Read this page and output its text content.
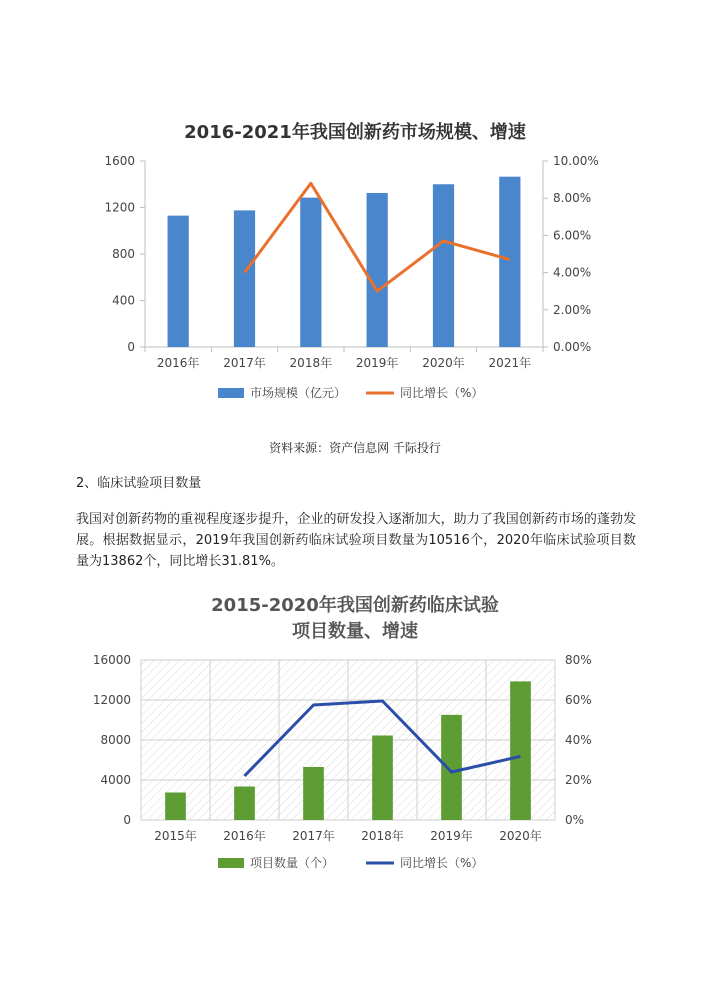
2016-2021年我国创新药市场规模、增速
0
400
800
1200
1600
0.00%
2.00%
4.00%
6.00%
8.00%
10.00%
2016年 2017年 2018年 2019年 2020年 2021年
市场规模（亿元）	同比增长（%）
资料来源：资产信息网 千际投行
2、临床试验项目数量
我国对创新药物的重视程度逐步提升，企业的研发投入逐渐加大，助力了我国创新药市场的蓬勃发展。根据数据显示，2019年我国创新药临床试验项目数量为10516个，2020年临床试验项目数量为13862个，同比增长31.81%。
2015-2020年我国创新药临床试验
项目数量、增速
0
4000
8000
12000
16000
0%
20%
40%
60%
80%
2015年 2016年 2017年 2018年 2019年 2020年
项目数量（个）	同比增长（%）
